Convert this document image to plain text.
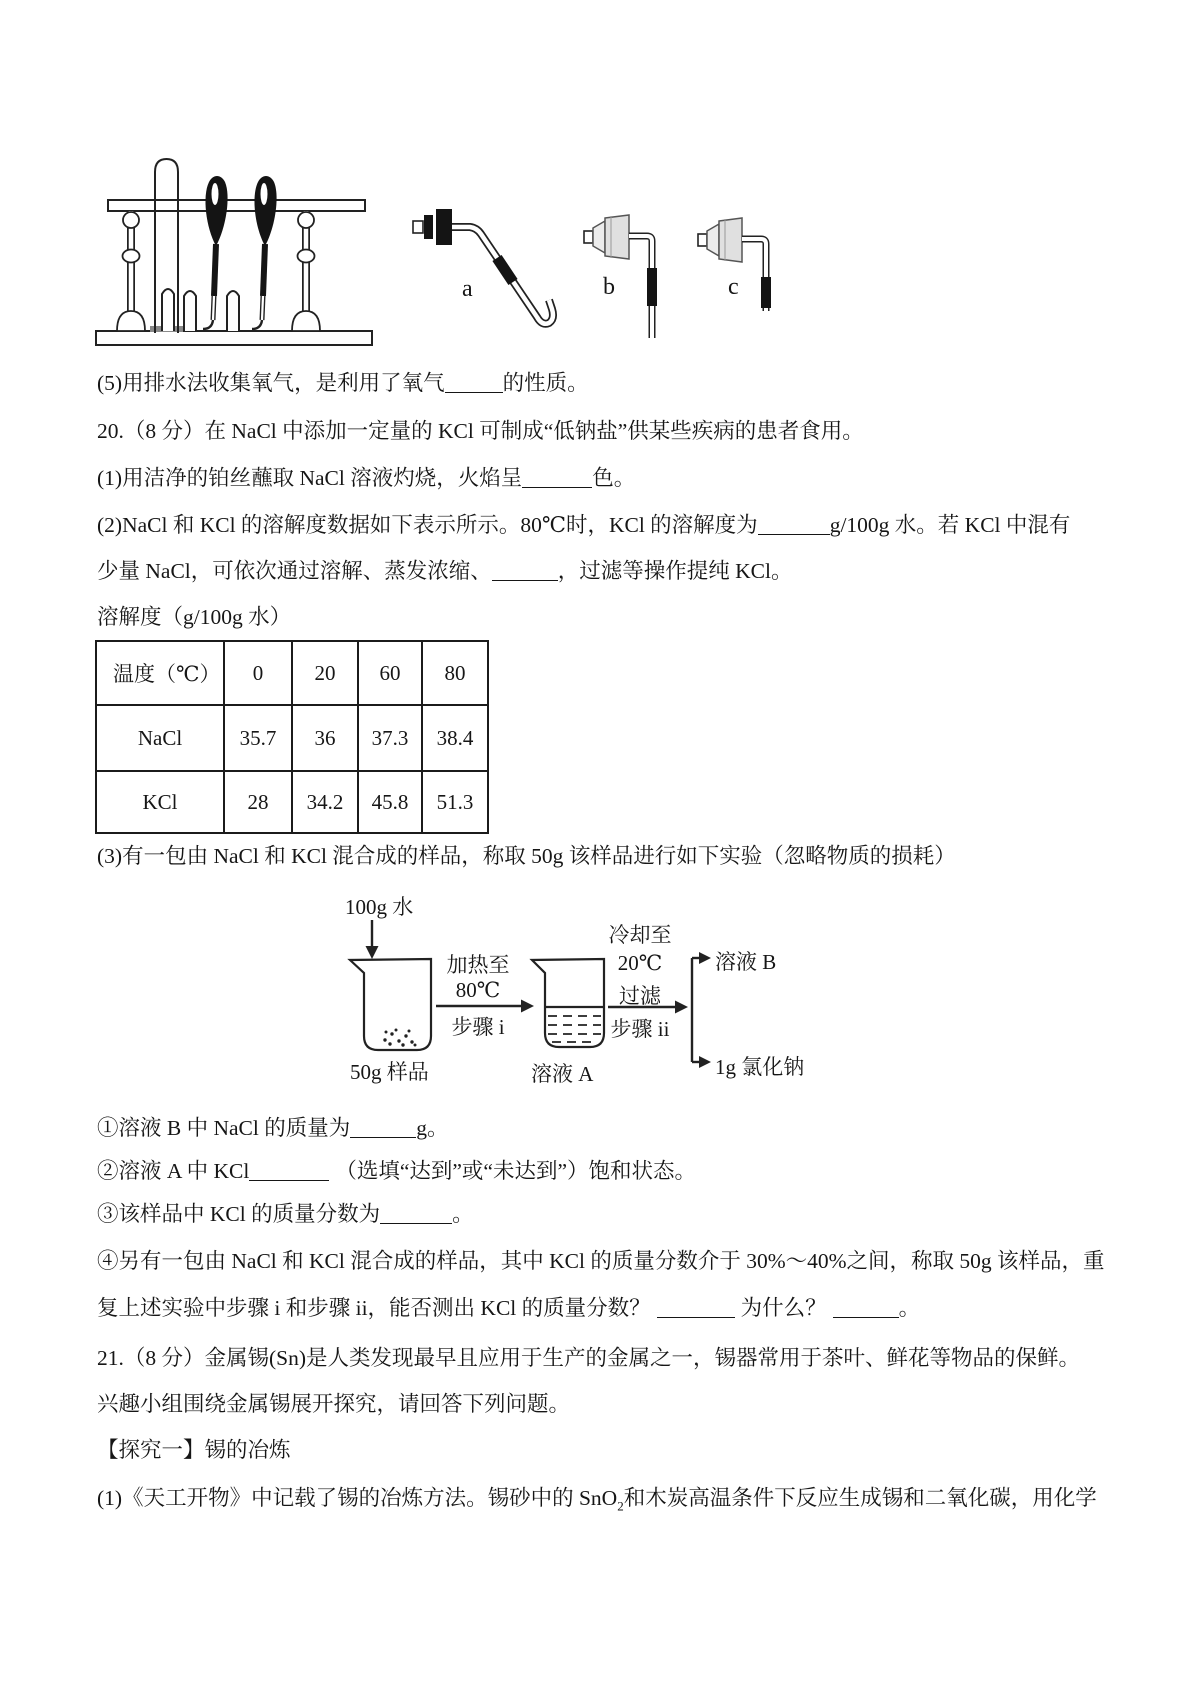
a	b	c
(5)用排水法收集氧气，是利用了氧气	的性质。
20.（8 分）在 NaCl 中添加一定量的 KCl 可制成“低钠盐”供某些疾病的患者食用。
(1)用洁净的铂丝蘸取 NaCl 溶液灼烧，火焰呈	色。
(2)NaCl 和 KCl 的溶解度数据如下表示所示。80℃时，KCl 的溶解度为	g/100g 水。若 KCl 中混有
少量 NaCl，可依次通过溶解、蒸发浓缩、	，过滤等操作提纯 KCl。
溶解度（g/100g 水）
温度（℃）	0	20	60	80
NaCl	35.7	36	37.3	38.4
KCl	28	34.2	45.8	51.3
(3)有一包由 NaCl 和 KCl 混合成的样品，称取 50g 该样品进行如下实验（忽略物质的损耗）
100g 水
加热至
80℃
步骤 i
50g 样品	溶液 A
冷却至
20℃
过滤
步骤 ii
溶液 B
1g 氯化钠
①溶液 B 中 NaCl 的质量为	g。
②溶液 A 中 KCl	（选填“达到”或“未达到”）饱和状态。
③该样品中 KCl 的质量分数为	。
④另有一包由 NaCl 和 KCl 混合成的样品，其中 KCl 的质量分数介于 30%～40%之间，称取 50g 该样品，重
复上述实验中步骤 i 和步骤 ii，能否测出 KCl 的质量分数？	为什么？	。
21.（8 分）金属锡(Sn)是人类发现最早且应用于生产的金属之一，锡器常用于茶叶、鲜花等物品的保鲜。
兴趣小组围绕金属锡展开探究，请回答下列问题。
【探究一】锡的冶炼
(1)《天工开物》中记载了锡的冶炼方法。锡砂中的 SnO$_2$和木炭高温条件下反应生成锡和二氧化碳，用化学
